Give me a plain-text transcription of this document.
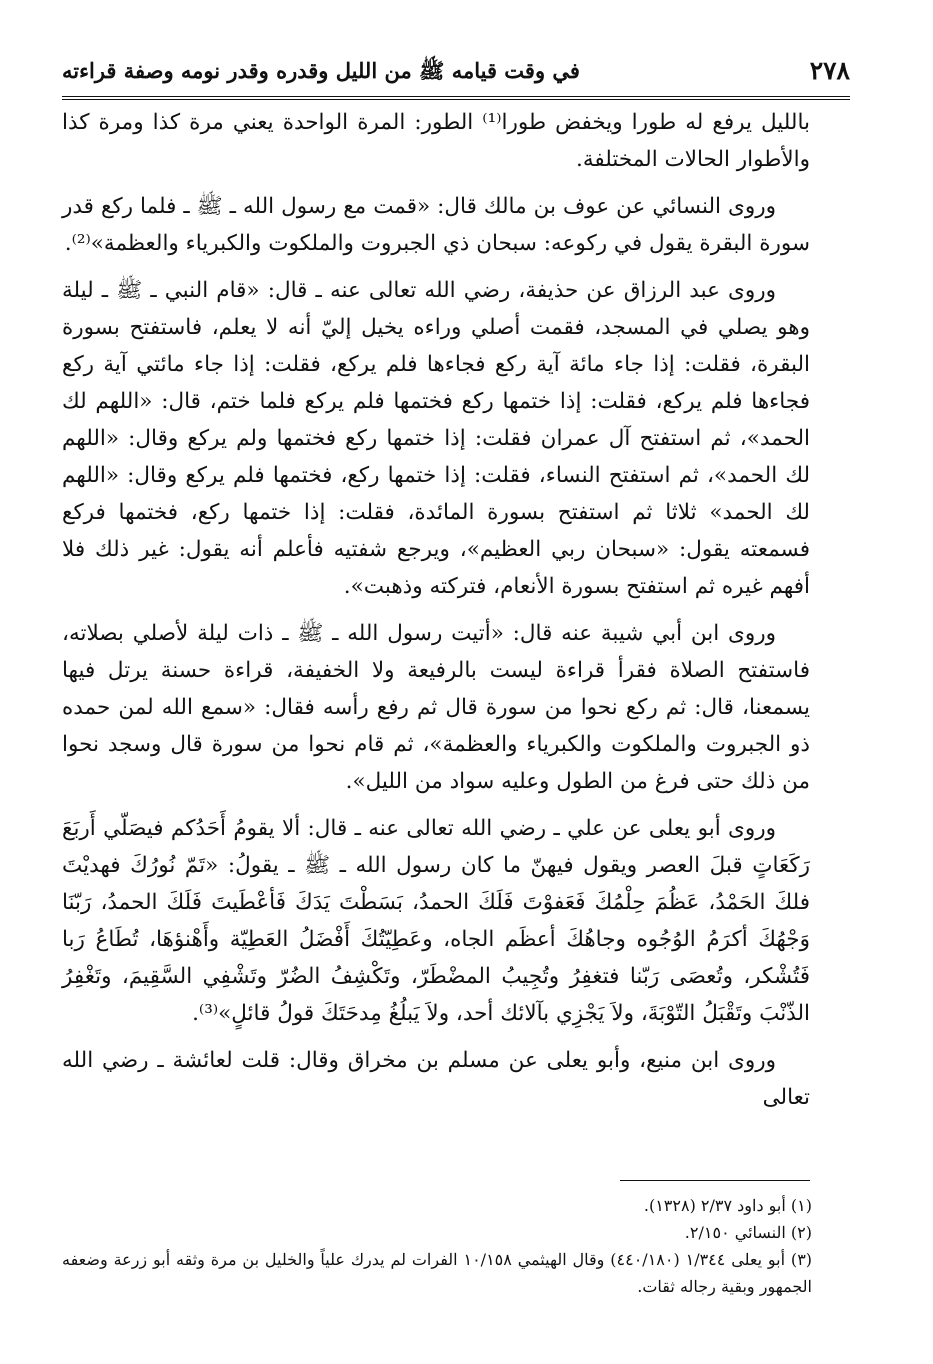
٢٧٨
في وقت قيامه ﷺ من الليل وقدره وقدر نومه وصفة قراءته

بالليل يرفع له طورا ويخفض طورا⁽¹⁾ الطور: المرة الواحدة يعني مرة كذا ومرة كذا والأطوار الحالات المختلفة.

وروى النسائي عن عوف بن مالك قال: «قمت مع رسول الله ـ ﷺ ـ فلما ركع قدر سورة البقرة يقول في ركوعه: سبحان ذي الجبروت والملكوت والكبرياء والعظمة»⁽²⁾.

وروى عبد الرزاق عن حذيفة، رضي الله تعالى عنه ـ قال: «قام النبي ـ ﷺ ـ ليلة وهو يصلي في المسجد، فقمت أصلي وراءه يخيل إليّ أنه لا يعلم، فاستفتح بسورة البقرة، فقلت: إذا جاء مائة آية ركع فجاءها فلم يركع، فقلت: إذا جاء مائتي آية ركع فجاءها فلم يركع، فقلت: إذا ختمها ركع فختمها فلم يركع فلما ختم، قال: «اللهم لك الحمد»، ثم استفتح آل عمران فقلت: إذا ختمها ركع فختمها ولم يركع وقال: «اللهم لك الحمد»، ثم استفتح النساء، فقلت: إذا ختمها ركع، فختمها فلم يركع وقال: «اللهم لك الحمد» ثلاثا ثم استفتح بسورة المائدة، فقلت: إذا ختمها ركع، فختمها فركع فسمعته يقول: «سبحان ربي العظيم»، ويرجع شفتيه فأعلم أنه يقول: غير ذلك فلا أفهم غيره ثم استفتح بسورة الأنعام، فتركته وذهبت».

وروى ابن أبي شيبة عنه قال: «أتيت رسول الله ـ ﷺ ـ ذات ليلة لأصلي بصلاته، فاستفتح الصلاة فقرأ قراءة ليست بالرفيعة ولا الخفيفة، قراءة حسنة يرتل فيها يسمعنا، قال: ثم ركع نحوا من سورة قال ثم رفع رأسه فقال: «سمع الله لمن حمده ذو الجبروت والملكوت والكبرياء والعظمة»، ثم قام نحوا من سورة قال وسجد نحوا من ذلك حتى فرغ من الطول وعليه سواد من الليل».

وروى أبو يعلى عن علي ـ رضي الله تعالى عنه ـ قال: ألا يقومُ أَحَدُكم فيصَلّي أَربَعَ رَكَعَاتٍ قبلَ العصر ويقول فيهنّ ما كان رسول الله ـ ﷺ ـ يقولُ: «تَمّ نُورُكَ فهديْتَ فلكَ الحَمْدُ، عَظُمَ حِلْمُكَ فَعَفوْتَ فَلَكَ الحمدُ، بَسَطْتَ يَدَكَ فَأعْطَيتَ فَلَكَ الحمدُ، رَبّنَا وَجْهُكَ أكرَمُ الوُجُوه وجاهُكَ أعظَم الجاه، وعَطِيّتُكَ أَفْضَلُ العَطِيّة وأَهْنؤهَا، تُطَاعُ رَبا فَتُشْكر، وتُعصَى رَبّنا فتغفِرُ وتُجِيبُ المضْطَرّ، وتَكْشِفُ الضُرّ وتَشْفِي السَّقِيمَ، وتَغْفِرُ الذّنْبَ وتَقْبَلُ التّوْبَةَ، ولاَ يَجْزِي بآلائك أحد، ولاَ يَبلُغُ مِدحَتَكَ قولُ قائلٍ»⁽³⁾.

وروى ابن منيع، وأبو يعلى عن مسلم بن مخراق وقال: قلت لعائشة ـ رضي الله تعالى

(١) أبو داود ٢/٣٧ (١٣٢٨).

(٢) النسائي ٢/١٥٠.

(٣) أبو يعلى ١/٣٤٤ (٤٤٠/١٨٠) وقال الهيثمي ١٠/١٥٨ الفرات لم يدرك علياً والخليل بن مرة وثقه أبو زرعة وضعفه الجمهور وبقية رجاله ثقات.
